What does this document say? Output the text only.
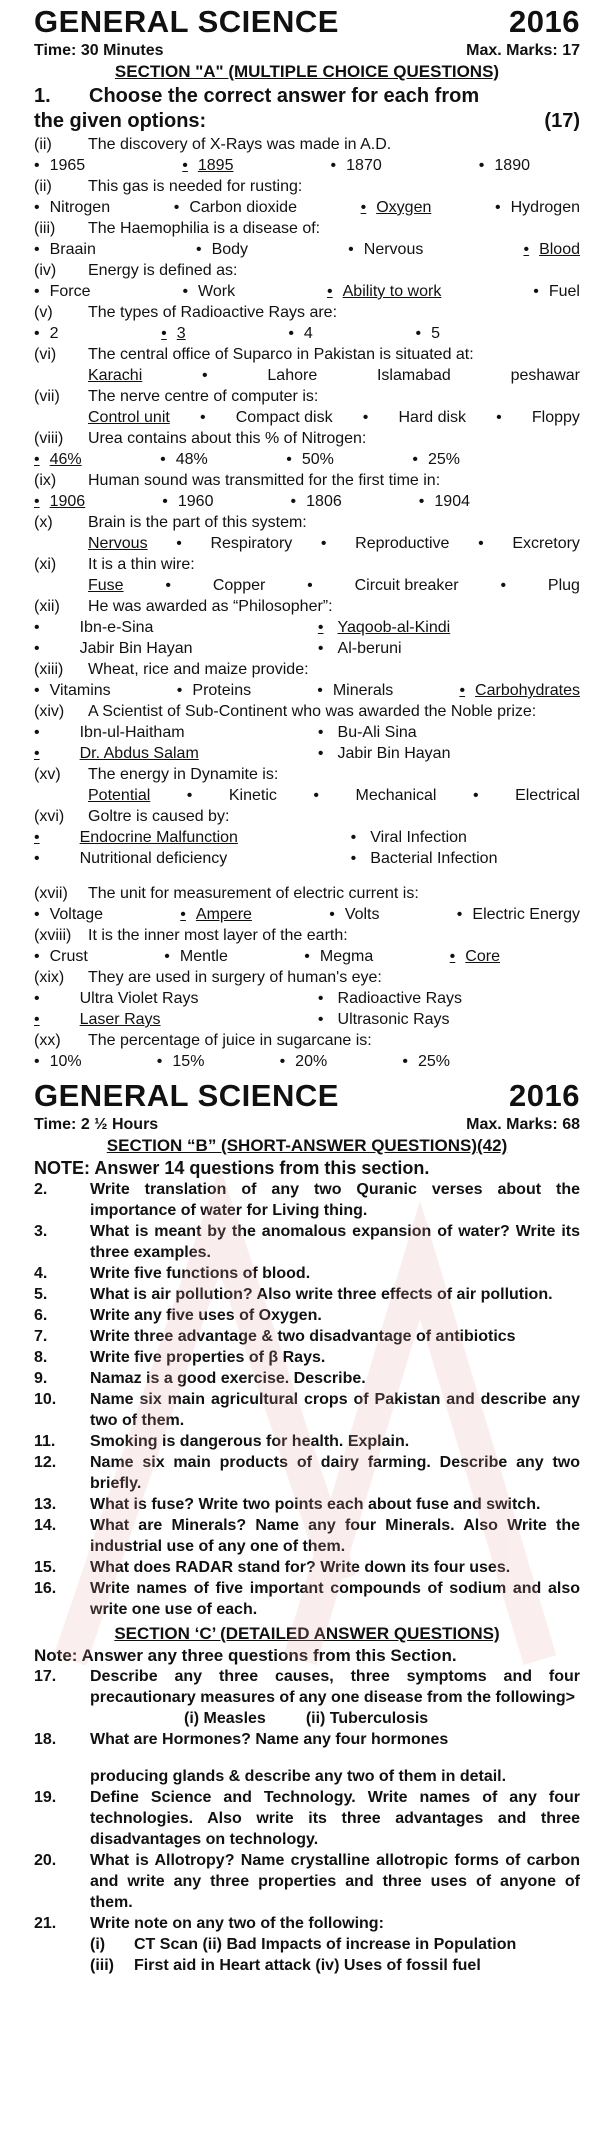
GENERAL SCIENCE	2016
Time: 30 Minutes	Max. Marks: 17
SECTION "A" (MULTIPLE CHOICE QUESTIONS)
1. Choose the correct answer for each from
the given options:	(17)
(ii)	The discovery of X-Rays was made in A.D.
• 1965	• 1895	• 1870	• 1890
(ii)	This gas is needed for rusting:
• Nitrogen	• Carbon dioxide	• Oxygen	• Hydrogen
(iii)	The Haemophilia is a disease of:
• Braain	• Body	• Nervous	• Blood
(iv)	Energy is defined as:
• Force	• Work	• Ability to work	• Fuel
(v)	The types of Radioactive Rays are:
• 2	• 3	• 4	• 5
(vi)	The central office of Suparco in Pakistan is situated at:
Karachi	•	Lahore	Islamabad	peshawar
(vii)	The nerve centre of computer is:
Control unit • Compact disk • Hard disk • Floppy
(viii)	Urea contains about this % of Nitrogen:
• 46%	• 48%	• 50%	• 25%
(ix)	Human sound was transmitted for the first time in:
• 1906	• 1960	• 1806	• 1904
(x)	Brain is the part of this system:
Nervous • Respiratory • Reproductive • Excretory
(xi)	It is a thin wire:
Fuse	•	Copper	•	Circuit breaker	•	Plug
(xii)	He was awarded as “Philosopher”:
• Ibn-e-Sina	• Yaqoob-al-Kindi
• Jabir Bin Hayan	• Al-beruni
(xiii)	Wheat, rice and maize provide:
• Vitamins	• Proteins	• Minerals	• Carbohydrates
(xiv)	A Scientist of Sub-Continent who was awarded the Noble prize:
• Ibn-ul-Haitham	• Bu-Ali Sina
• Dr. Abdus Salam	• Jabir Bin Hayan
(xv)	The energy in Dynamite is:
Potential • Kinetic • Mechanical • Electrical
(xvi)	Goltre is caused by:
• Endocrine Malfunction	• Viral Infection
• Nutritional deficiency	• Bacterial Infection
(xvii)	The unit for measurement of electric current is:
• Voltage	• Ampere	• Volts	• Electric Energy
(xviii)	It is the inner most layer of the earth:
• Crust	• Mentle	• Megma	• Core
(xix)	They are used in surgery of human's eye:
• Ultra Violet Rays	• Radioactive Rays
• Laser Rays	• Ultrasonic Rays
(xx)	The percentage of juice in sugarcane is:
• 10%	• 15%	• 20%	• 25%
GENERAL SCIENCE	2016
Time: 2 ½ Hours	Max. Marks: 68
SECTION “B” (SHORT-ANSWER QUESTIONS)(42)
NOTE: Answer 14 questions from this section.
2.	Write translation of any two Quranic verses about the importance of water for Living thing.
3.	What is meant by the anomalous expansion of water? Write its three examples.
4.	Write five functions of blood.
5.	What is air pollution? Also write three effects of air pollution.
6.	Write any five uses of Oxygen.
7.	Write three advantage & two disadvantage of antibiotics
8.	Write five properties of β Rays.
9.	Namaz is a good exercise. Describe.
10.	Name six main agricultural crops of Pakistan and describe any two of them.
11.	Smoking is dangerous for health. Explain.
12.	Name six main products of dairy farming. Describe any two briefly.
13.	What is fuse? Write two points each about fuse and switch.
14.	What are Minerals? Name any four Minerals. Also Write the industrial use of any one of them.
15.	What does RADAR stand for? Write down its four uses.
16.	Write names of five important compounds of sodium and also write one use of each.
SECTION ‘C’ (DETAILED ANSWER QUESTIONS)
Note: Answer any three questions from this Section.
17.	Describe any three causes, three symptoms and four precautionary measures of any one disease from the following>
(i) Measles	(ii) Tuberculosis
18.	What are Hormones? Name any four hormones
producing glands & describe any two of them in detail.
19.	Define Science and Technology. Write names of any four technologies. Also write its three advantages and three disadvantages on technology.
20.	What is Allotropy? Name crystalline allotropic forms of carbon and write any three properties and three uses of anyone of them.
21.	Write note on any two of the following:
(i)	CT Scan (ii) Bad Impacts of increase in Population
(iii)	First aid in Heart attack (iv) Uses of fossil fuel
